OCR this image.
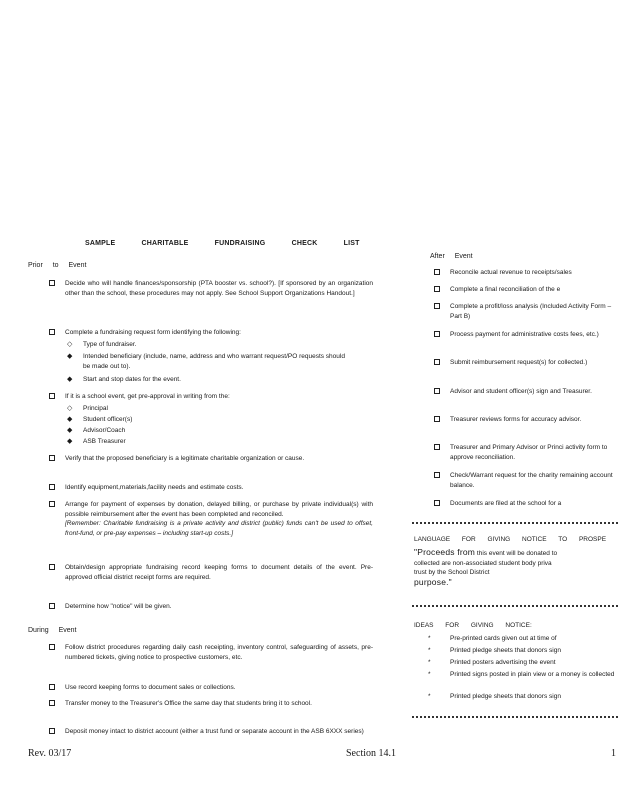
SAMPLE CHARITABLE FUNDRAISING CHECK LIST
Prior to Event
Decide who will handle finances/sponsorship (PTA booster vs. school?). [If sponsored by an organization other than the school, these procedures may not apply. See School Support Organizations Handout.]
Complete a fundraising request form identifying the following:
◇ Type of fundraiser.
◆ Intended beneficiary (include, name, address and who warrant request/PO requests should be made out to).
◆ Start and stop dates for the event.
If it is a school event, get pre-approval in writing from the:
◇ Principal
◆ Student officer(s)
◆ Advisor/Coach
◆ ASB Treasurer
Verify that the proposed beneficiary is a legitimate charitable organization or cause.
Identify equipment,materials,facility needs and estimate costs.
Arrange for payment of expenses by donation, delayed billing, or purchase by private individual(s) with possible reimbursement after the event has been completed and reconciled.
[Remember: Charitable fundraising is a private activity and district (public) funds can't be used to offset, front-fund, or pre-pay expenses – including start-up costs.]
Obtain/design appropriate fundraising record keeping forms to document details of the event. Pre-approved official district receipt forms are required.
Determine how "notice" will be given.
During Event
Follow district procedures regarding daily cash receipting, inventory control, safeguarding of assets, pre-numbered tickets, giving notice to prospective customers, etc.
Use record keeping forms to document sales or collections.
Transfer money to the Treasurer's Office the same day that students bring it to school.
Deposit money intact to district account (either a trust fund or separate account in the ASB 6XXX series)
After Event
Reconcile actual revenue to receipts/sales
Complete a final reconciliation of the e
Complete a profit/loss analysis (Included Activity Form – Part B)
Process payment for administrative costs fees, etc.)
Submit reimbursement request(s) for collected.)
Advisor and student officer(s) sign and Treasurer.
Treasurer reviews forms for accuracy advisor.
Treasurer and Primary Advisor or Princi activity form to approve reconciliation.
Check/Warrant request for the charity remaining account balance.
Documents are filed at the school for a
LANGUAGE FOR GIVING NOTICE TO PROSPE
"Proceeds from this event will be donated to
collected are non-associated student body priva
trust by the School District
purpose."
IDEAS FOR GIVING NOTICE:
*	Pre-printed cards given out at time of
*	Printed pledge sheets that donors sign
*	Printed posters advertising the event
*	Printed signs posted in plain view or a money is collected
*	Printed pledge sheets that donors sign
Rev. 03/17	Section 14.1	1
